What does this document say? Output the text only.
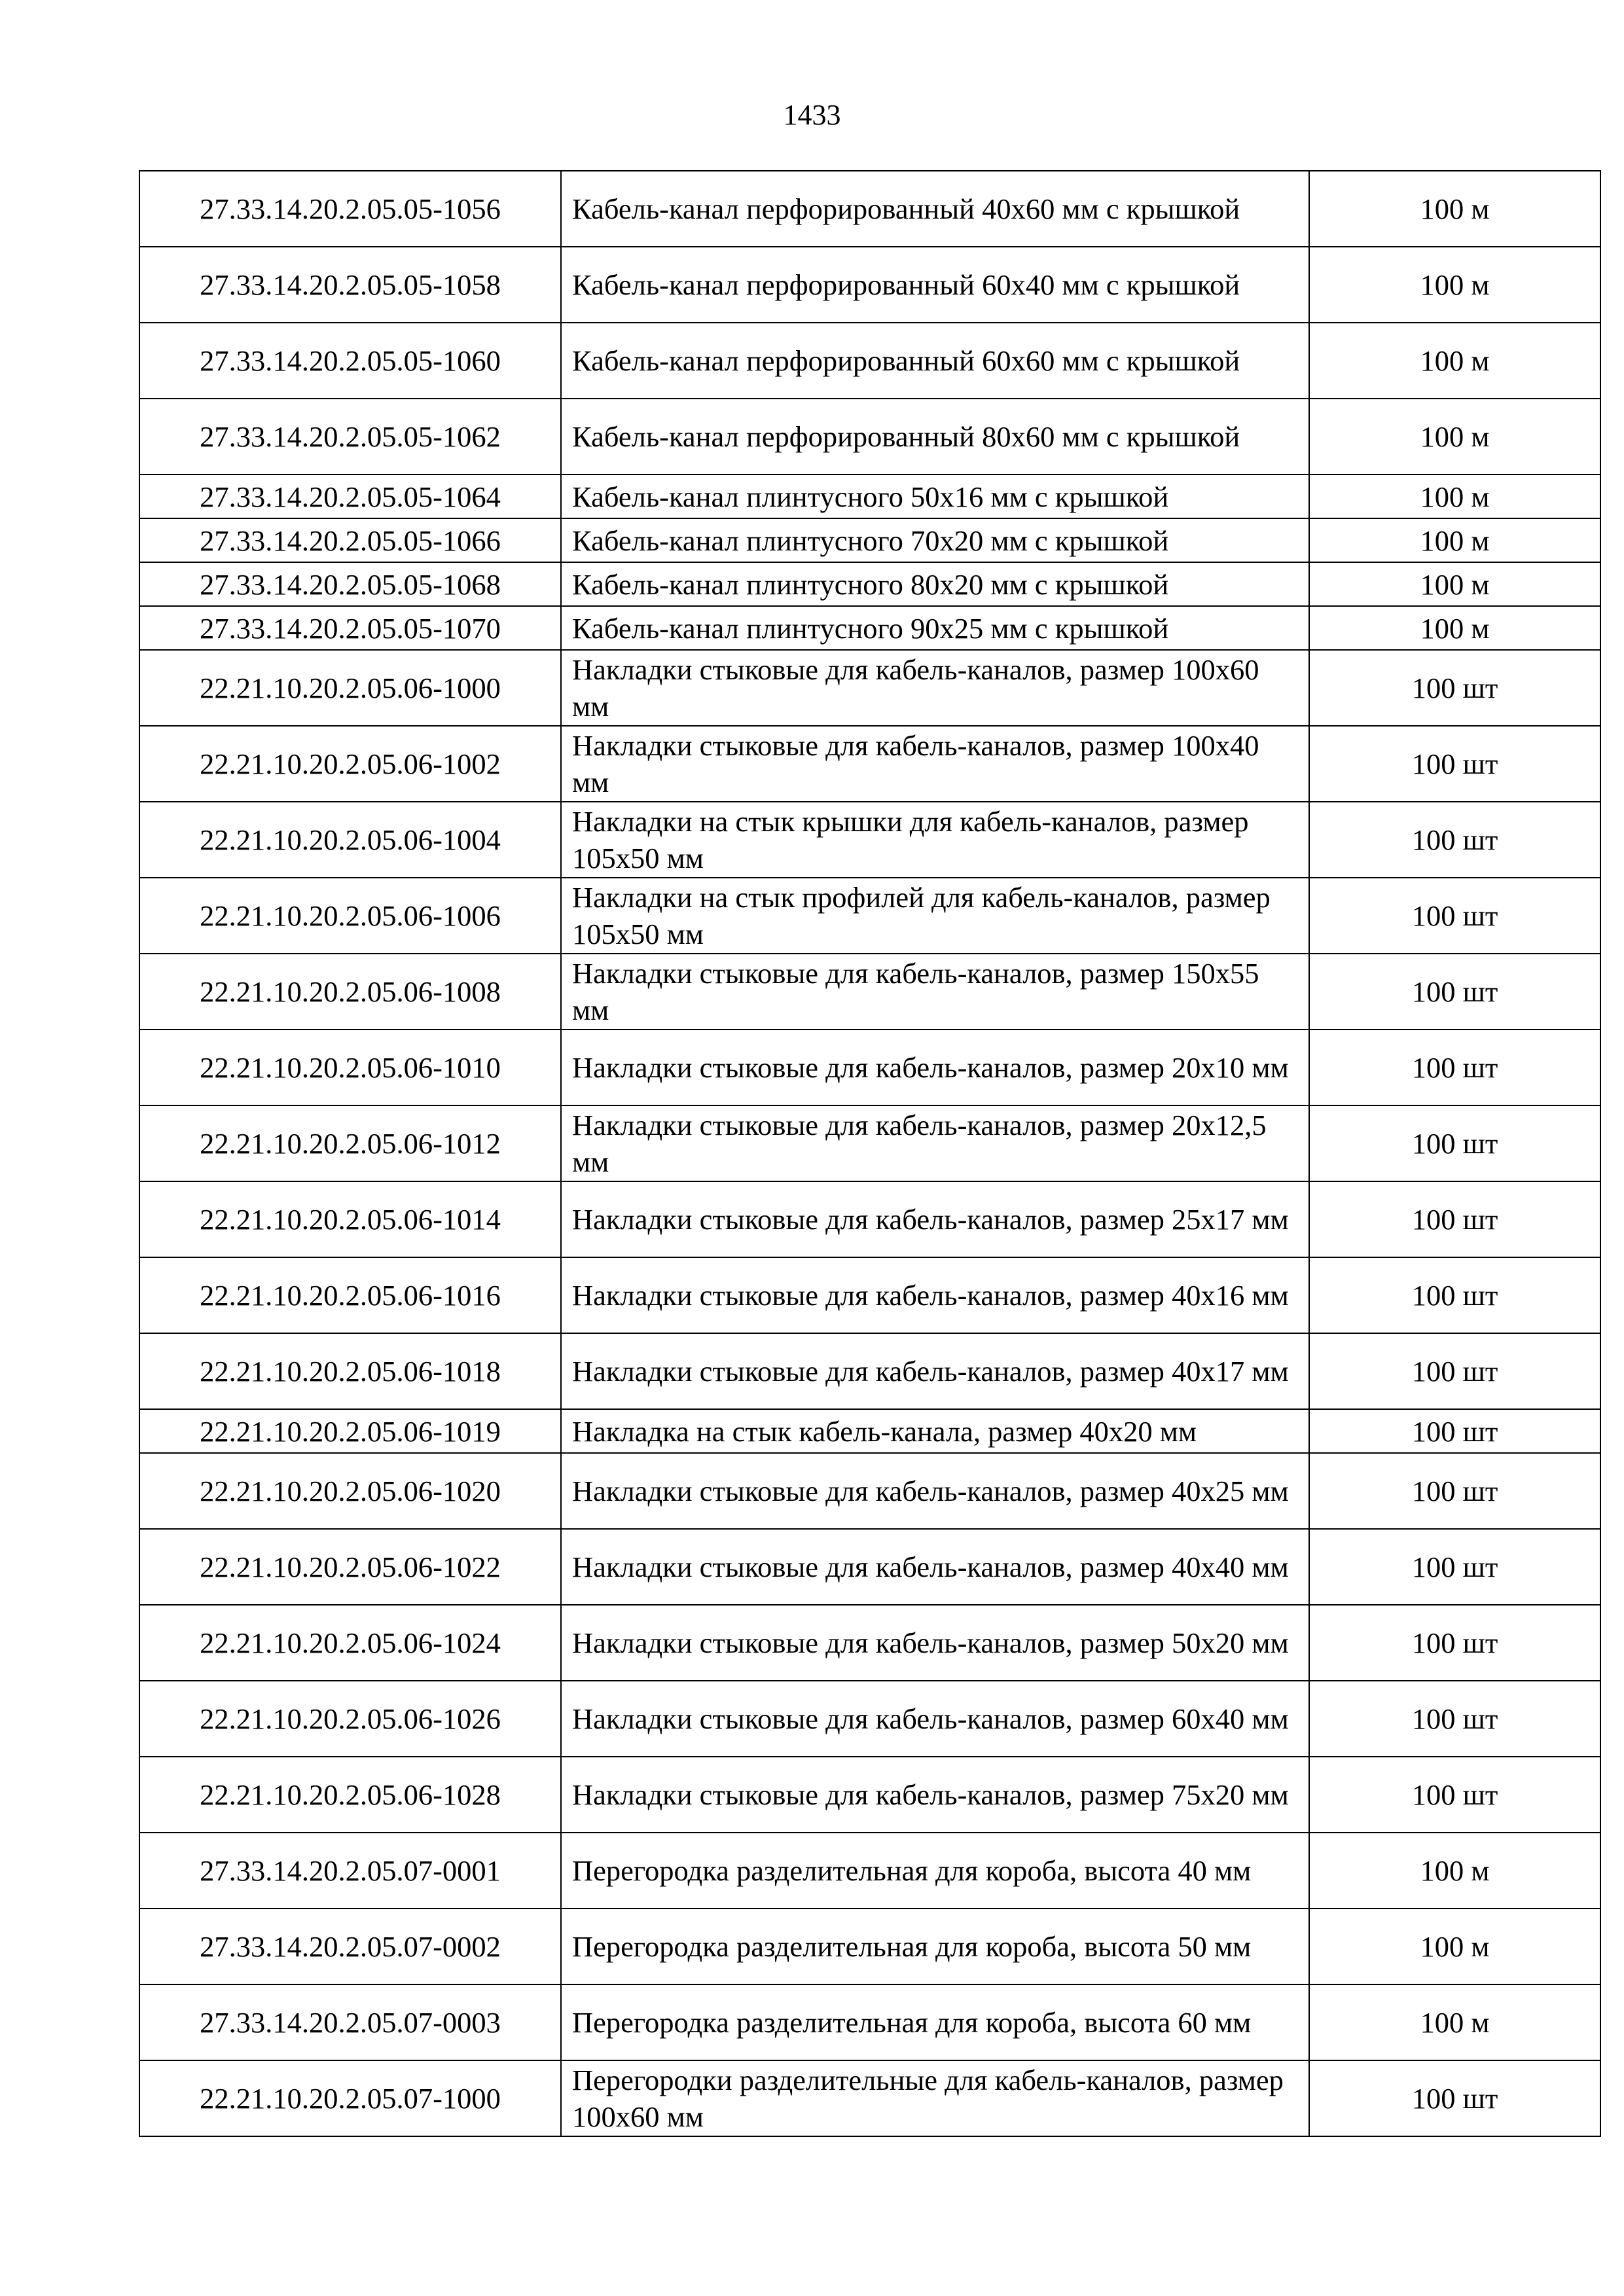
1433
27.33.14.20.2.05.05-1056	Кабель-канал перфорированный 40х60 мм с крышкой	100 м
27.33.14.20.2.05.05-1058	Кабель-канал перфорированный 60х40 мм с крышкой	100 м
27.33.14.20.2.05.05-1060	Кабель-канал перфорированный 60х60 мм с крышкой	100 м
27.33.14.20.2.05.05-1062	Кабель-канал перфорированный 80х60 мм с крышкой	100 м
27.33.14.20.2.05.05-1064	Кабель-канал плинтусного 50х16 мм с крышкой	100 м
27.33.14.20.2.05.05-1066	Кабель-канал плинтусного 70х20 мм с крышкой	100 м
27.33.14.20.2.05.05-1068	Кабель-канал плинтусного 80х20 мм с крышкой	100 м
27.33.14.20.2.05.05-1070	Кабель-канал плинтусного 90х25 мм с крышкой	100 м
22.21.10.20.2.05.06-1000	Накладки стыковые для кабель-каналов, размер 100х60 мм	100 шт
22.21.10.20.2.05.06-1002	Накладки стыковые для кабель-каналов, размер 100х40 мм	100 шт
22.21.10.20.2.05.06-1004	Накладки на стык крышки для кабель-каналов, размер 105х50 мм	100 шт
22.21.10.20.2.05.06-1006	Накладки на стык профилей для кабель-каналов, размер 105х50 мм	100 шт
22.21.10.20.2.05.06-1008	Накладки стыковые для кабель-каналов, размер 150х55 мм	100 шт
22.21.10.20.2.05.06-1010	Накладки стыковые для кабель-каналов, размер 20х10 мм	100 шт
22.21.10.20.2.05.06-1012	Накладки стыковые для кабель-каналов, размер 20х12,5 мм	100 шт
22.21.10.20.2.05.06-1014	Накладки стыковые для кабель-каналов, размер 25х17 мм	100 шт
22.21.10.20.2.05.06-1016	Накладки стыковые для кабель-каналов, размер 40х16 мм	100 шт
22.21.10.20.2.05.06-1018	Накладки стыковые для кабель-каналов, размер 40х17 мм	100 шт
22.21.10.20.2.05.06-1019	Накладка на стык кабель-канала, размер 40х20 мм	100 шт
22.21.10.20.2.05.06-1020	Накладки стыковые для кабель-каналов, размер 40х25 мм	100 шт
22.21.10.20.2.05.06-1022	Накладки стыковые для кабель-каналов, размер 40х40 мм	100 шт
22.21.10.20.2.05.06-1024	Накладки стыковые для кабель-каналов, размер 50х20 мм	100 шт
22.21.10.20.2.05.06-1026	Накладки стыковые для кабель-каналов, размер 60х40 мм	100 шт
22.21.10.20.2.05.06-1028	Накладки стыковые для кабель-каналов, размер 75х20 мм	100 шт
27.33.14.20.2.05.07-0001	Перегородка разделительная для короба, высота 40 мм	100 м
27.33.14.20.2.05.07-0002	Перегородка разделительная для короба, высота 50 мм	100 м
27.33.14.20.2.05.07-0003	Перегородка разделительная для короба, высота 60 мм	100 м
22.21.10.20.2.05.07-1000	Перегородки разделительные для кабель-каналов, размер 100х60 мм	100 шт
